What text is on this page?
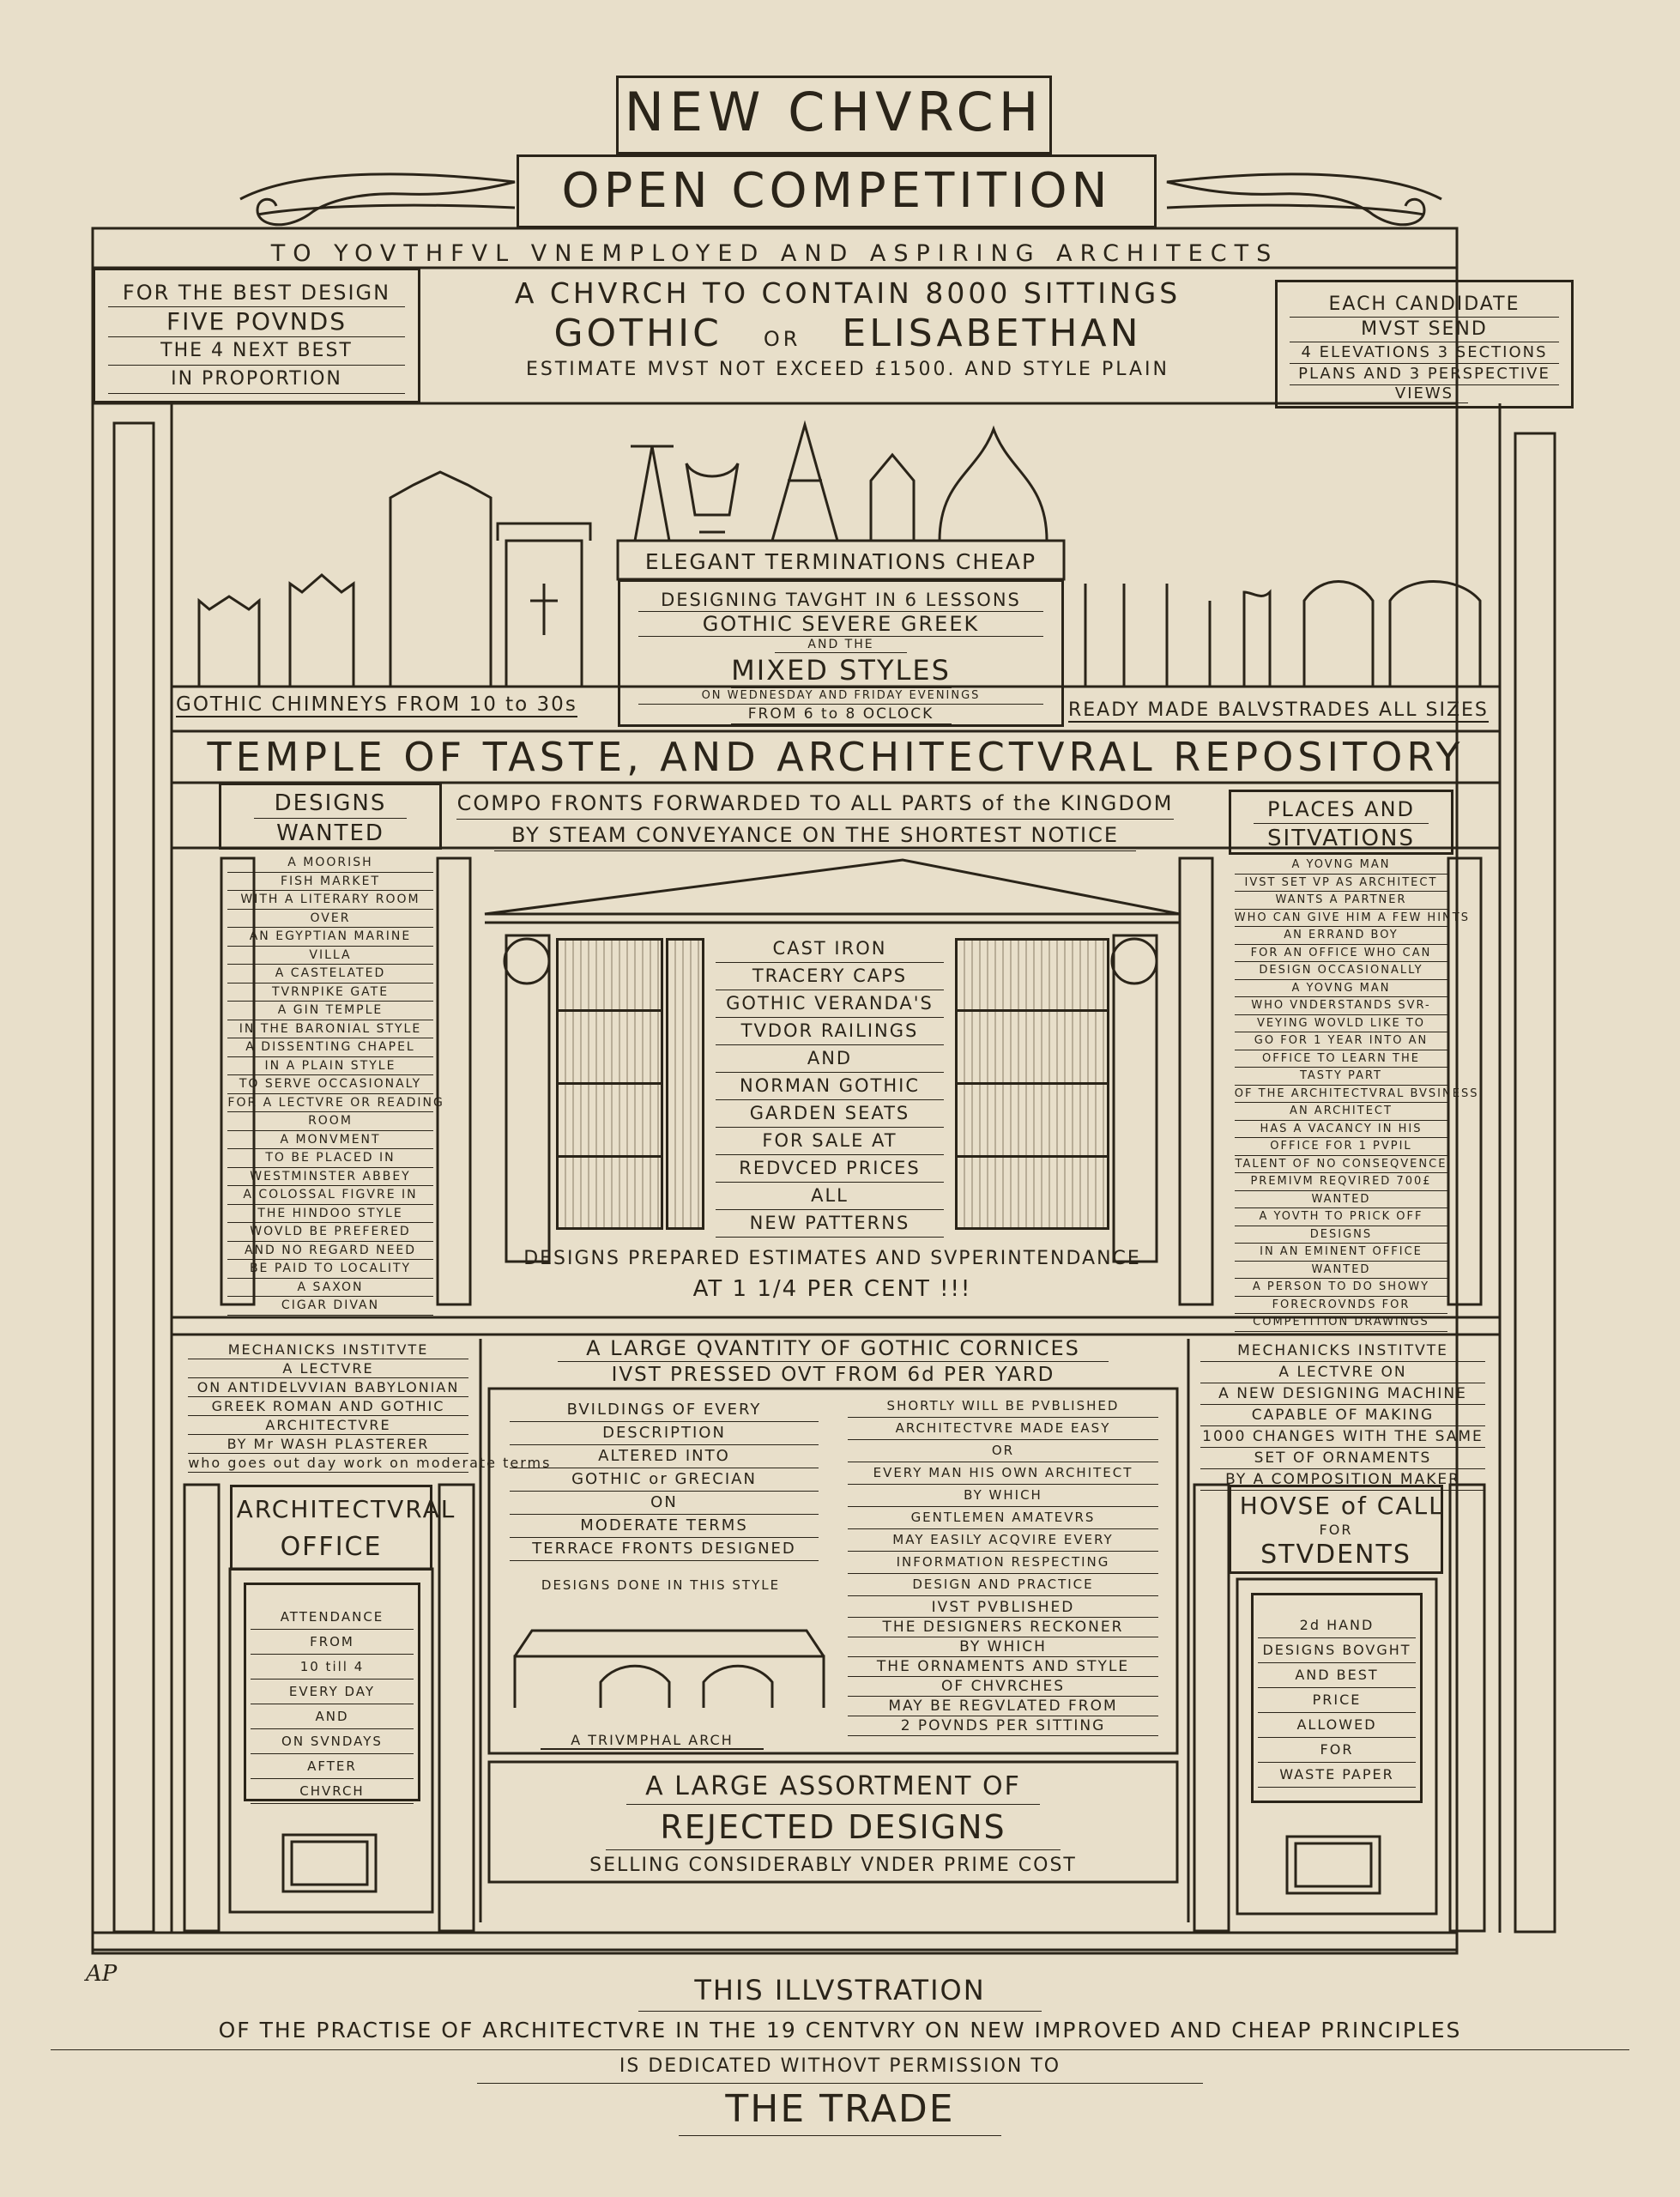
NEW CHVRCH
OPEN COMPETITION
TO YOVTHFVL VNEMPLOYED AND ASPIRING ARCHITECTS
FOR THE BEST DESIGN
FIVE POVNDS
THE 4 NEXT BEST
IN PROPORTION
A CHVRCH TO CONTAIN 8000 SITTINGS
GOTHIC OR ELISABETHAN
ESTIMATE MVST NOT EXCEED £1500. AND STYLE PLAIN
EACH CANDIDATE
MVST SEND
4 ELEVATIONS 3 SECTIONS
PLANS AND 3 PERSPECTIVE
VIEWS
GOTHIC CHIMNEYS FROM 10 to 30s
ELEGANT TERMINATIONS CHEAP
DESIGNING TAVGHT IN 6 LESSONS
GOTHIC SEVERE GREEK
AND THE
MIXED STYLES
ON WEDNESDAY AND FRIDAY EVENINGS
FROM 6 to 8 OCLOCK	READY MADE BALVSTRADES ALL SIZES
TEMPLE OF TASTE, AND ARCHITECTVRAL REPOSITORY
DESIGNS
WANTED
A MOORISH
FISH MARKET
WITH A LITERARY ROOM
OVER
AN EGYPTIAN MARINE
VILLA
A CASTELATED
TVRNPIKE GATE
A GIN TEMPLE
IN THE BARONIAL STYLE
A DISSENTING CHAPEL
IN A PLAIN STYLE
TO SERVE OCCASIONALY
FOR A LECTVRE OR READING
ROOM
A MONVMENT
TO BE PLACED IN
WESTMINSTER ABBEY
A COLOSSAL FIGVRE IN
THE HINDOO STYLE
WOVLD BE PREFERED
AND NO REGARD NEED
BE PAID TO LOCALITY
A SAXON
CIGAR DIVAN
COMPO FRONTS FORWARDED TO ALL PARTS of the KINGDOM
BY STEAM CONVEYANCE ON THE SHORTEST NOTICE
PLACES AND
SITVATIONS
A YOVNG MAN
IVST SET VP AS ARCHITECT
WANTS A PARTNER
WHO CAN GIVE HIM A FEW HINTS
AN ERRAND BOY
FOR AN OFFICE WHO CAN
DESIGN OCCASIONALLY
A YOVNG MAN
WHO VNDERSTANDS SVR-
VEYING WOVLD LIKE TO
GO FOR 1 YEAR INTO AN
OFFICE TO LEARN THE
TASTY PART
OF THE ARCHITECTVRAL BVSINESS
AN ARCHITECT
HAS A VACANCY IN HIS
OFFICE FOR 1 PVPIL
TALENT OF NO CONSEQVENCE
PREMIVM REQVIRED 700£
WANTED
A YOVTH TO PRICK OFF
DESIGNS
IN AN EMINENT OFFICE
WANTED
A PERSON TO DO SHOWY
FORECROVNDS FOR
COMPETITION DRAWINGS
CAST IRON
TRACERY CAPS
GOTHIC VERANDA'S
TVDOR RAILINGS
AND
NORMAN GOTHIC
GARDEN SEATS
FOR SALE AT
REDVCED PRICES
ALL
NEW PATTERNS
DESIGNS PREPARED ESTIMATES AND SVPERINTENDANCE
AT 1 1/4 PER CENT !!!
MECHANICKS INSTITVTE
A LECTVRE
ON ANTIDELVVIAN BABYLONIAN
GREEK ROMAN AND GOTHIC
ARCHITECTVRE
BY Mr WASH PLASTERER
who goes out day work on moderate terms
A LARGE QVANTITY OF GOTHIC CORNICES
IVST PRESSED OVT FROM 6d PER YARD
MECHANICKS INSTITVTE
A LECTVRE ON
A NEW DESIGNING MACHINE
CAPABLE OF MAKING
1000 CHANGES WITH THE SAME
SET OF ORNAMENTS
BY A COMPOSITION MAKER
ARCHITECTVRAL
OFFICE
ATTENDANCE
FROM
10 till 4
EVERY DAY
AND
ON SVNDAYS
AFTER
CHVRCH
BVILDINGS OF EVERY
DESCRIPTION
ALTERED INTO
GOTHIC or GRECIAN
ON
MODERATE TERMS
TERRACE FRONTS DESIGNED
SHORTLY WILL BE PVBLISHED
ARCHITECTVRE MADE EASY
OR
EVERY MAN HIS OWN ARCHITECT
BY WHICH
GENTLEMEN AMATEVRS
MAY EASILY ACQVIRE EVERY
INFORMATION RESPECTING
DESIGN AND PRACTICE
DESIGNS DONE IN THIS STYLE
A TRIVMPHAL ARCH
IVST PVBLISHED
THE DESIGNERS RECKONER
BY WHICH
THE ORNAMENTS AND STYLE
OF CHVRCHES
MAY BE REGVLATED FROM
2 POVNDS PER SITTING
A LARGE ASSORTMENT OF
REJECTED DESIGNS
SELLING CONSIDERABLY VNDER PRIME COST
HOVSE of CALL
FOR
STVDENTS
2d HAND
DESIGNS BOVGHT
AND BEST
PRICE
ALLOWED
FOR
WASTE PAPER
AP	THIS ILLVSTRATION
OF THE PRACTISE OF ARCHITECTVRE IN THE 19 CENTVRY ON NEW IMPROVED AND CHEAP PRINCIPLES
IS DEDICATED WITHOVT PERMISSION TO
THE TRADE
